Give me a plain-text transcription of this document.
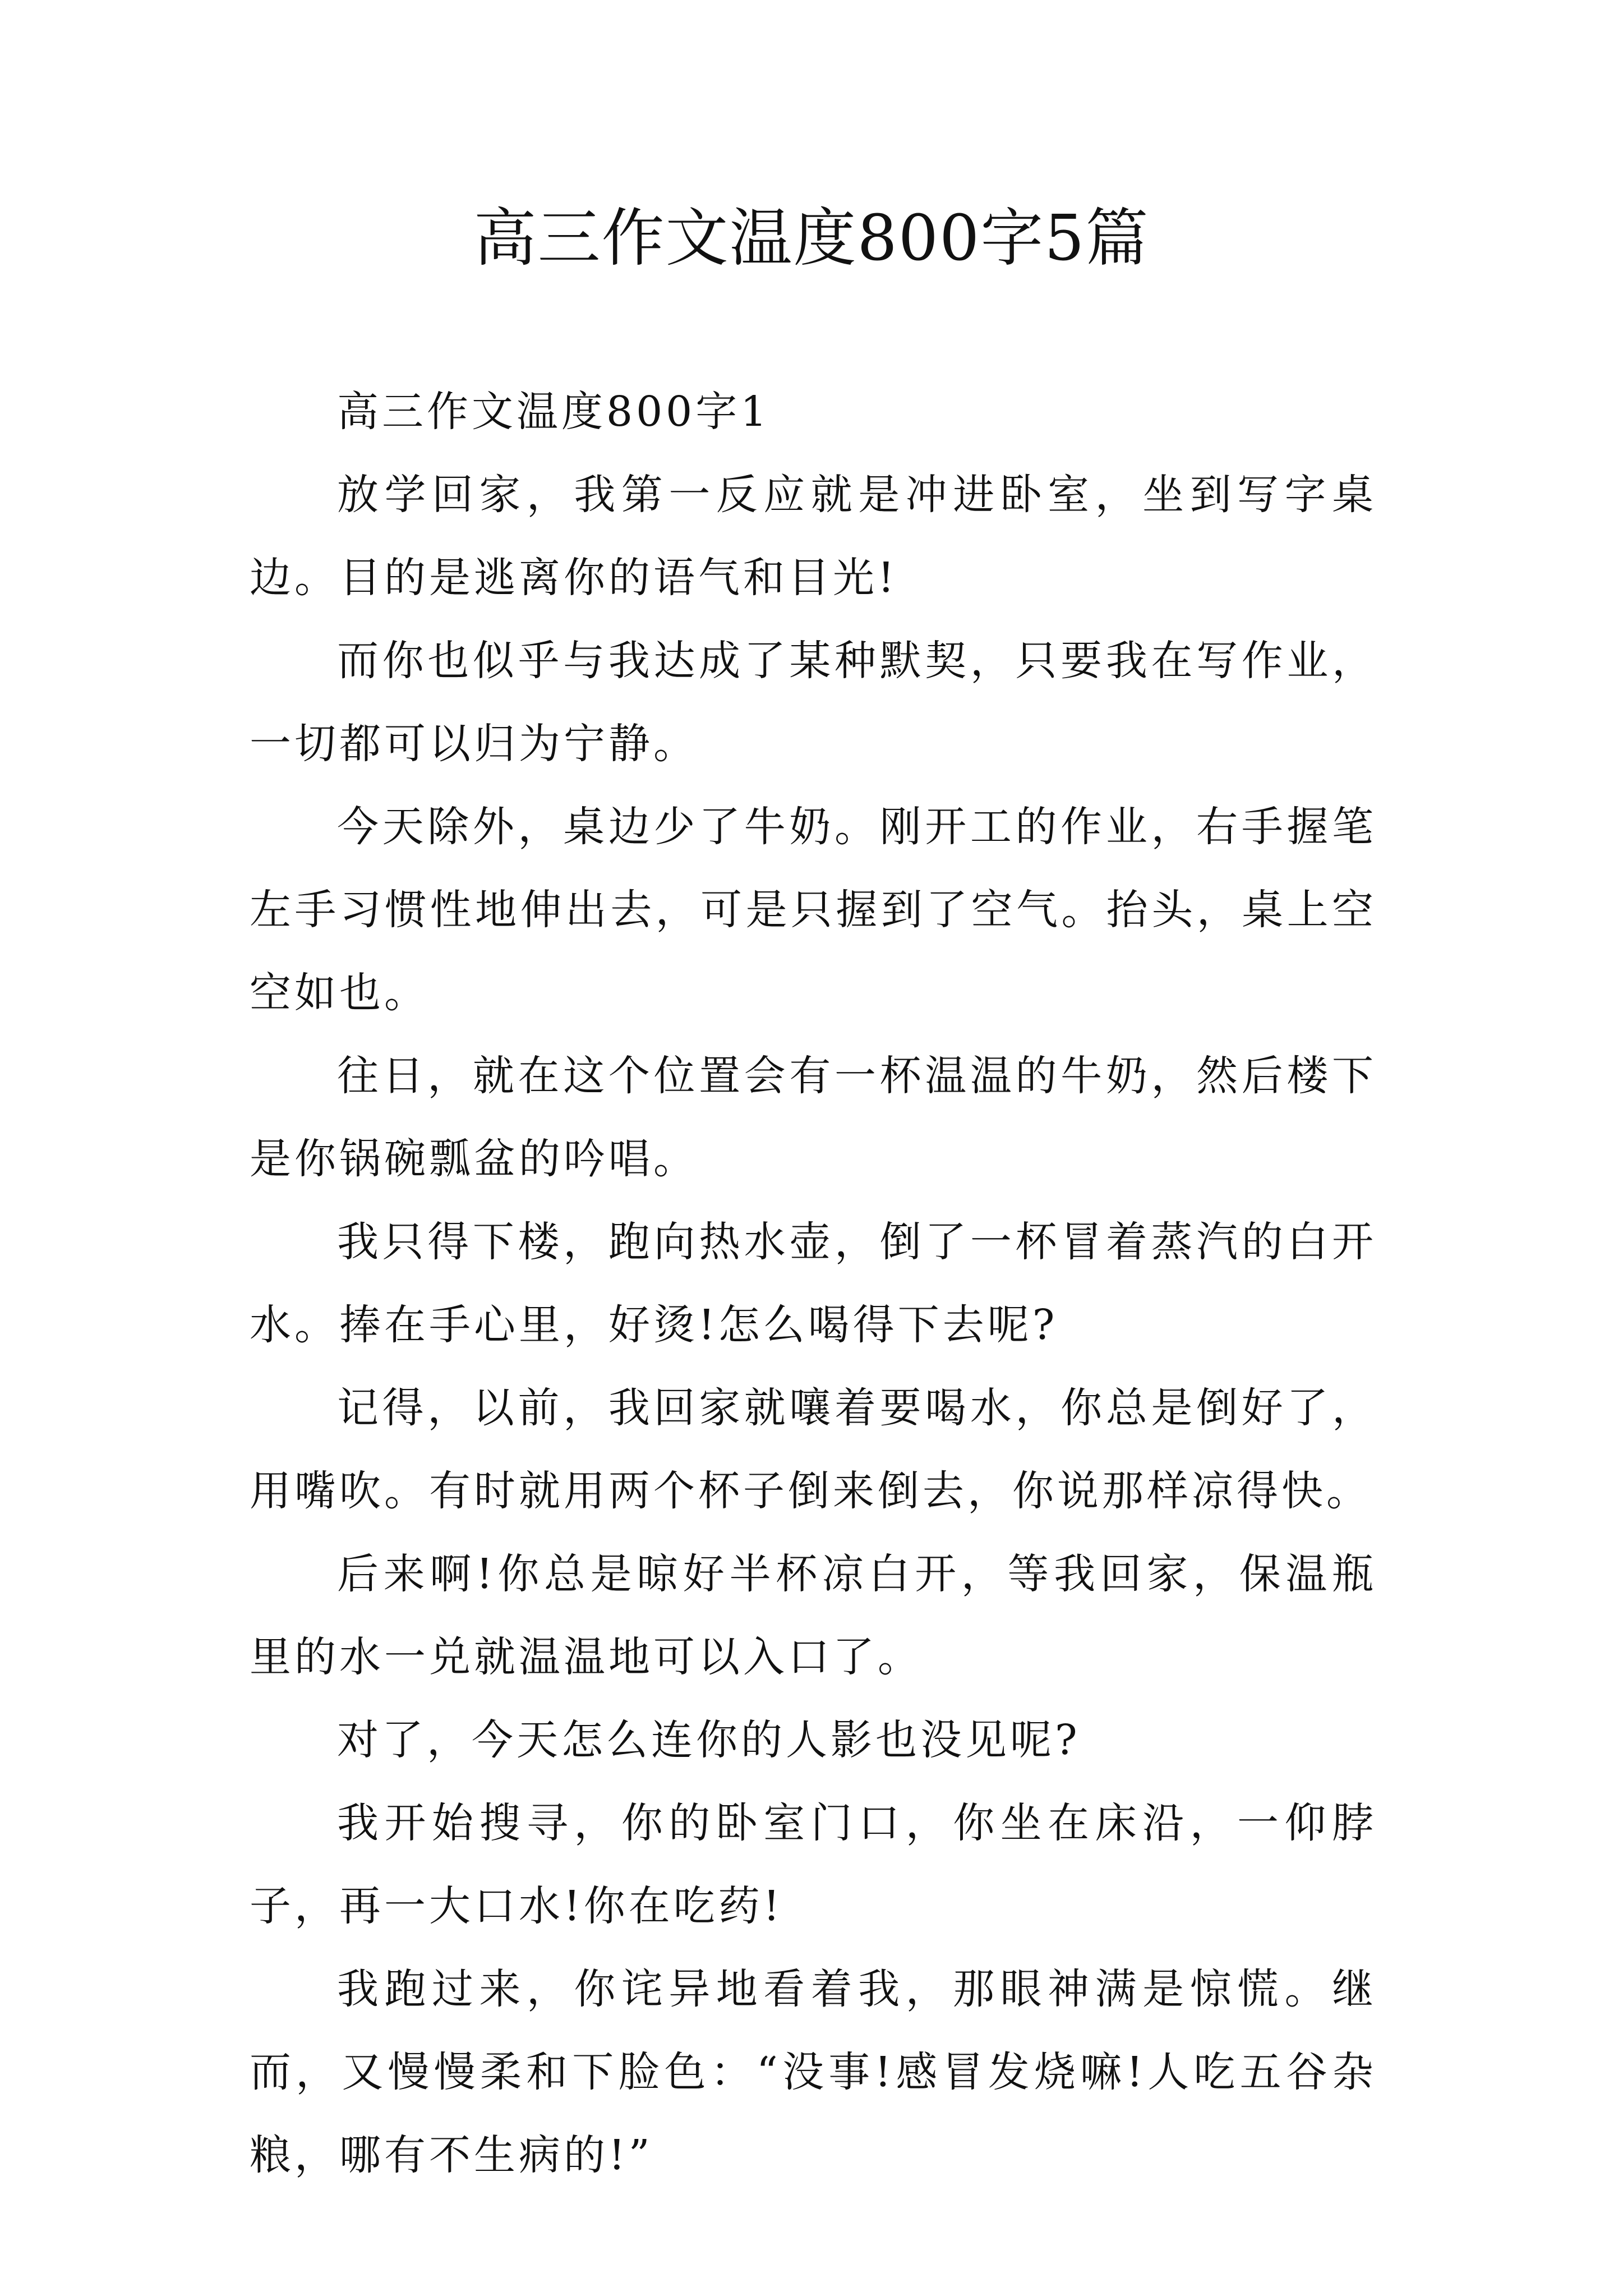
高三作文温度800字5篇

高三作文温度800字1

放学回家，我第一反应就是冲进卧室，坐到写字桌边。目的是逃离你的语气和目光!

而你也似乎与我达成了某种默契，只要我在写作业，一切都可以归为宁静。

今天除外，桌边少了牛奶。刚开工的作业，右手握笔左手习惯性地伸出去，可是只握到了空气。抬头，桌上空空如也。

往日，就在这个位置会有一杯温温的牛奶，然后楼下是你锅碗瓢盆的吟唱。

我只得下楼，跑向热水壶，倒了一杯冒着蒸汽的白开水。捧在手心里，好烫!怎么喝得下去呢?

记得，以前，我回家就嚷着要喝水，你总是倒好了，用嘴吹。有时就用两个杯子倒来倒去，你说那样凉得快。

后来啊!你总是晾好半杯凉白开，等我回家，保温瓶里的水一兑就温温地可以入口了。

对了，今天怎么连你的人影也没见呢?

我开始搜寻，你的卧室门口，你坐在床沿，一仰脖子，再一大口水!你在吃药!

我跑过来，你诧异地看着我，那眼神满是惊慌。继而，又慢慢柔和下脸色：“没事!感冒发烧嘛!人吃五谷杂粮，哪有不生病的!”
